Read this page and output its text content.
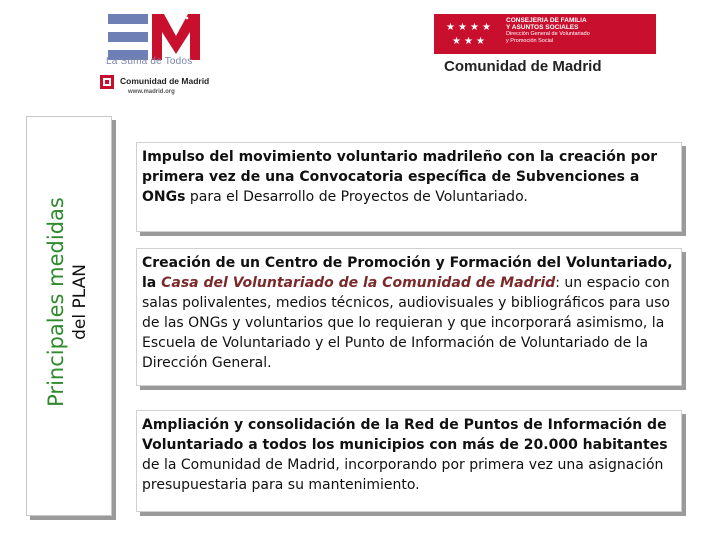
La Suma de Todos
Comunidad de Madrid
www.madrid.org
★ ★ ★ ★
★ ★ ★
CONSEJERIA DE FAMILIA
Y ASUNTOS SOCIALES
Dirección General de Voluntariado
y Promoción Social
Comunidad de Madrid
Principales medidas del PLAN
Impulso del movimiento voluntario madrileño con la creación por primera vez de una Convocatoria específica de Subvenciones a ONGs para el Desarrollo de Proyectos de Voluntariado.
Creación de un Centro de Promoción y Formación del Voluntariado, la Casa del Voluntariado de la Comunidad de Madrid: un espacio con salas polivalentes, medios técnicos, audiovisuales y bibliográficos para uso de las ONGs y voluntarios que lo requieran y que incorporará asimismo, la Escuela de Voluntariado y el Punto de Información de Voluntariado de la Dirección General.
Ampliación y consolidación de la Red de Puntos de Información de Voluntariado a todos los municipios con más de 20.000 habitantes de la Comunidad de Madrid, incorporando por primera vez una asignación presupuestaria para su mantenimiento.
